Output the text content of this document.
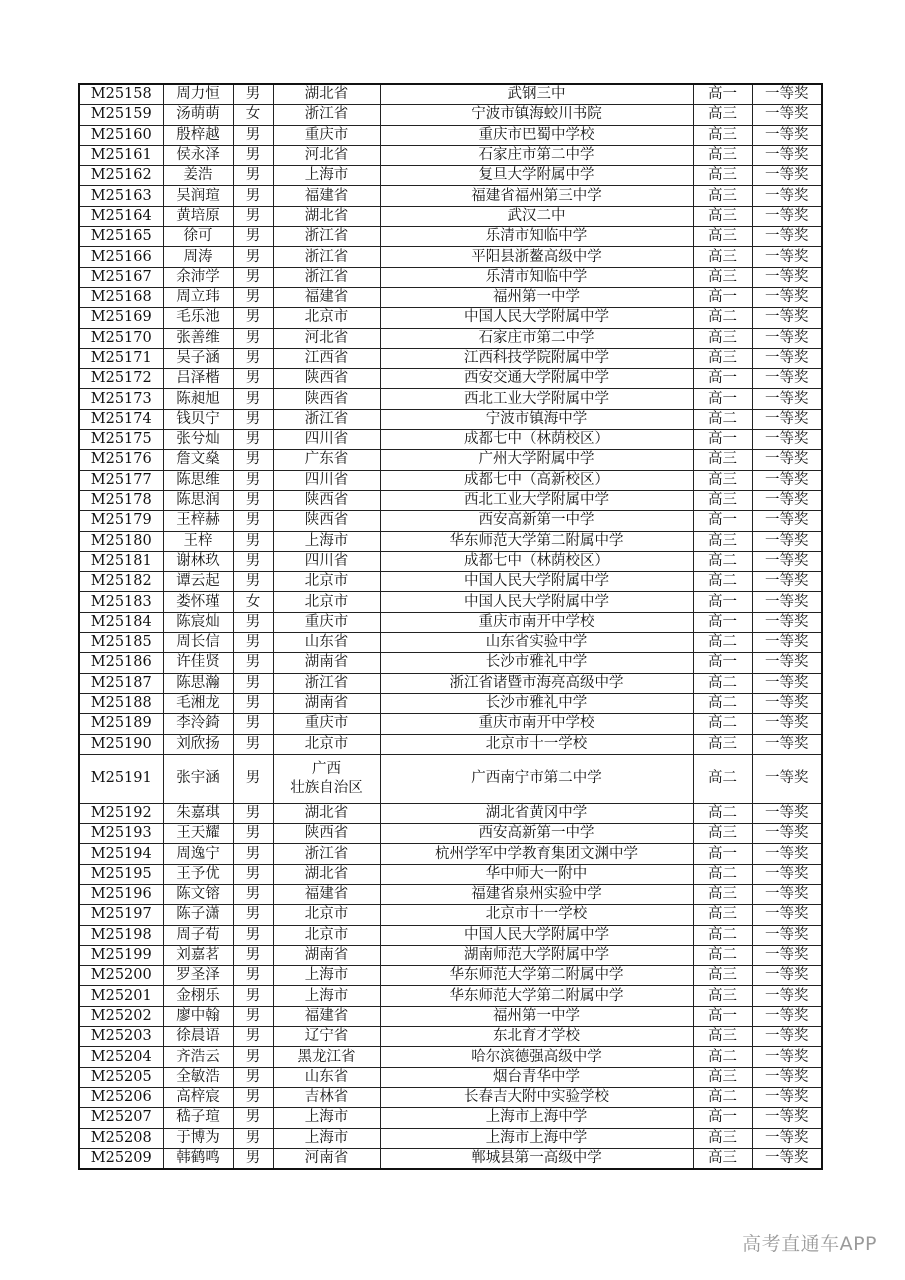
M25158	周力恒	男	湖北省	武钢三中	高一	一等奖
M25159	汤萌萌	女	浙江省	宁波市镇海蛟川书院	高三	一等奖
M25160	殷梓越	男	重庆市	重庆市巴蜀中学校	高三	一等奖
M25161	侯永泽	男	河北省	石家庄市第二中学	高三	一等奖
M25162	姜浩	男	上海市	复旦大学附属中学	高三	一等奖
M25163	吴润瑄	男	福建省	福建省福州第三中学	高三	一等奖
M25164	黄培原	男	湖北省	武汉二中	高三	一等奖
M25165	徐可	男	浙江省	乐清市知临中学	高三	一等奖
M25166	周涛	男	浙江省	平阳县浙鳌高级中学	高三	一等奖
M25167	余沛学	男	浙江省	乐清市知临中学	高三	一等奖
M25168	周立玮	男	福建省	福州第一中学	高一	一等奖
M25169	毛乐池	男	北京市	中国人民大学附属中学	高二	一等奖
M25170	张善维	男	河北省	石家庄市第二中学	高三	一等奖
M25171	吴子涵	男	江西省	江西科技学院附属中学	高三	一等奖
M25172	吕泽楷	男	陕西省	西安交通大学附属中学	高一	一等奖
M25173	陈昶旭	男	陕西省	西北工业大学附属中学	高一	一等奖
M25174	钱贝宁	男	浙江省	宁波市镇海中学	高二	一等奖
M25175	张兮灿	男	四川省	成都七中（林荫校区）	高一	一等奖
M25176	詹文燊	男	广东省	广州大学附属中学	高三	一等奖
M25177	陈思维	男	四川省	成都七中（高新校区）	高三	一等奖
M25178	陈思润	男	陕西省	西北工业大学附属中学	高三	一等奖
M25179	王梓赫	男	陕西省	西安高新第一中学	高一	一等奖
M25180	王梓	男	上海市	华东师范大学第二附属中学	高三	一等奖
M25181	谢林玖	男	四川省	成都七中（林荫校区）	高二	一等奖
M25182	谭云起	男	北京市	中国人民大学附属中学	高二	一等奖
M25183	娄怀瑾	女	北京市	中国人民大学附属中学	高一	一等奖
M25184	陈宸灿	男	重庆市	重庆市南开中学校	高一	一等奖
M25185	周长信	男	山东省	山东省实验中学	高二	一等奖
M25186	许佳贤	男	湖南省	长沙市雅礼中学	高一	一等奖
M25187	陈思瀚	男	浙江省	浙江省诸暨市海亮高级中学	高二	一等奖
M25188	毛湘龙	男	湖南省	长沙市雅礼中学	高二	一等奖
M25189	李泠錡	男	重庆市	重庆市南开中学校	高二	一等奖
M25190	刘欣扬	男	北京市	北京市十一学校	高三	一等奖
M25191	张宇涵	男	广西
壮族自治区	广西南宁市第二中学	高二	一等奖
M25192	朱嘉琪	男	湖北省	湖北省黄冈中学	高二	一等奖
M25193	王天耀	男	陕西省	西安高新第一中学	高三	一等奖
M25194	周逸宁	男	浙江省	杭州学军中学教育集团文渊中学	高一	一等奖
M25195	王予优	男	湖北省	华中师大一附中	高二	一等奖
M25196	陈文镕	男	福建省	福建省泉州实验中学	高三	一等奖
M25197	陈子潇	男	北京市	北京市十一学校	高三	一等奖
M25198	周子荀	男	北京市	中国人民大学附属中学	高二	一等奖
M25199	刘嘉茗	男	湖南省	湖南师范大学附属中学	高二	一等奖
M25200	罗圣泽	男	上海市	华东师范大学第二附属中学	高三	一等奖
M25201	金栩乐	男	上海市	华东师范大学第二附属中学	高三	一等奖
M25202	廖中翰	男	福建省	福州第一中学	高一	一等奖
M25203	徐晨语	男	辽宁省	东北育才学校	高三	一等奖
M25204	齐浩云	男	黑龙江省	哈尔滨德强高级中学	高二	一等奖
M25205	全敏浩	男	山东省	烟台青华中学	高三	一等奖
M25206	高梓宸	男	吉林省	长春吉大附中实验学校	高二	一等奖
M25207	嵇子瑄	男	上海市	上海市上海中学	高一	一等奖
M25208	于博为	男	上海市	上海市上海中学	高三	一等奖
M25209	韩鹤鸣	男	河南省	郸城县第一高级中学	高三	一等奖
高考直通车APP
